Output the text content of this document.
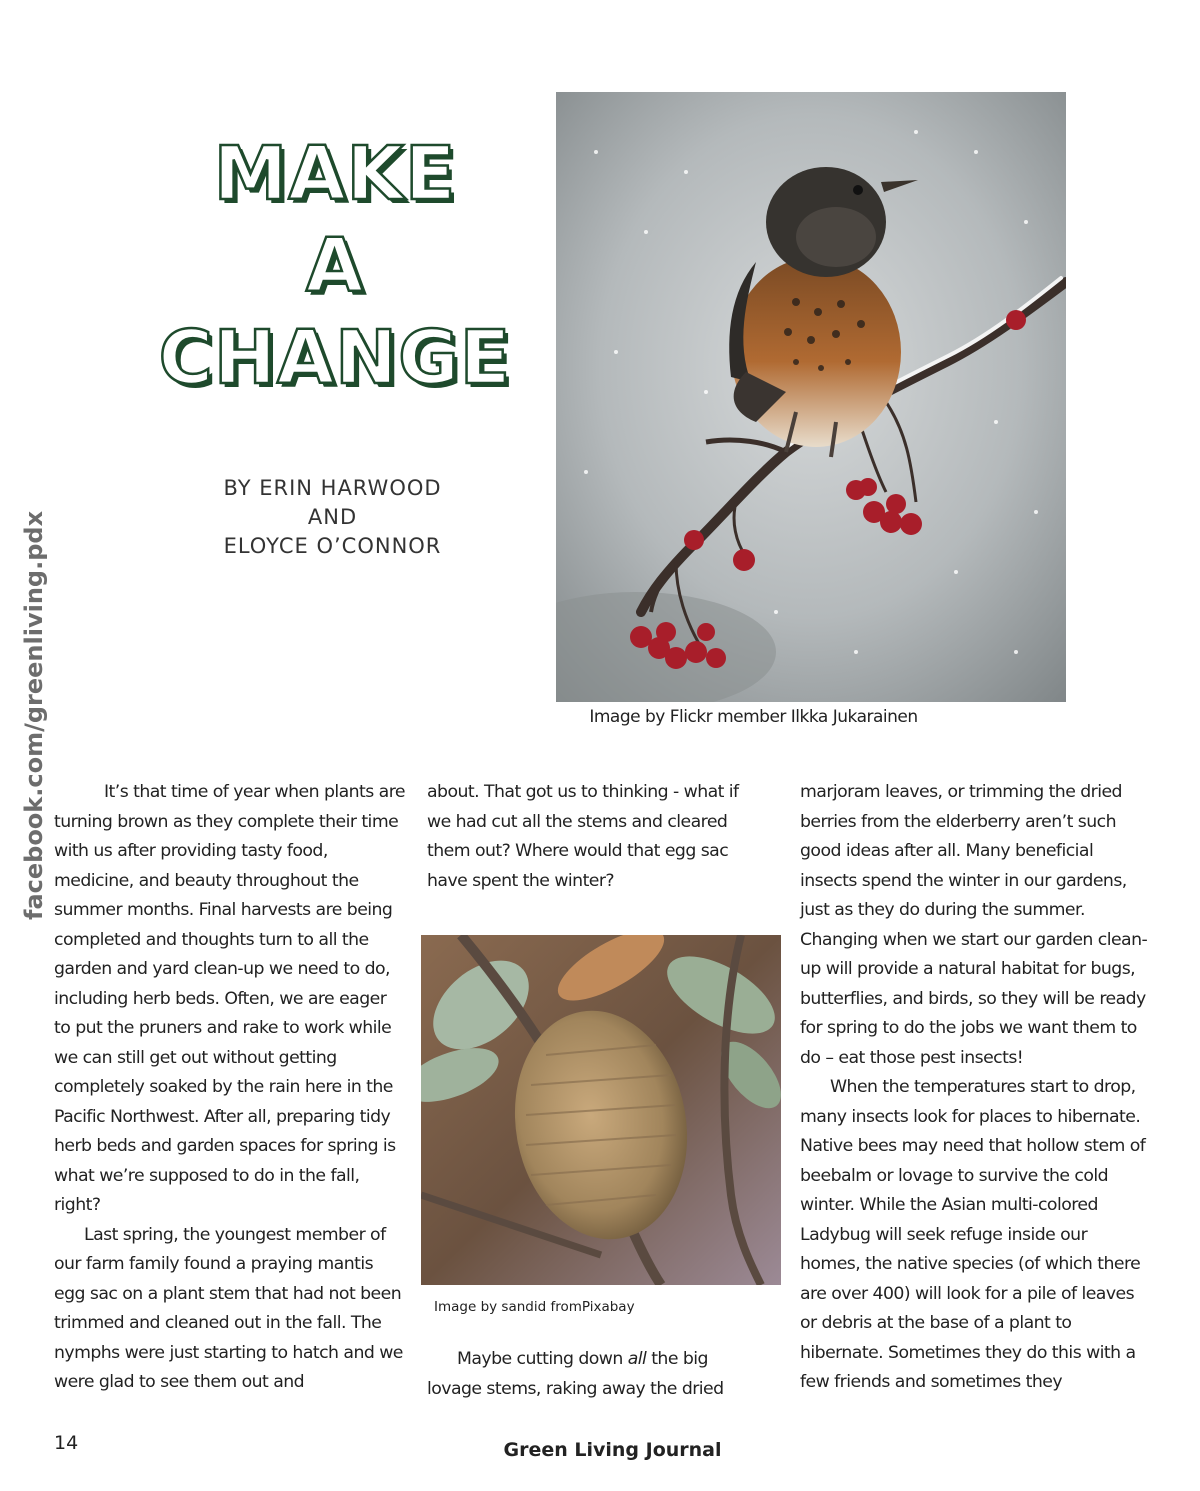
facebook.com/greenliving.pdx
MAKE
A
CHANGE
BY ERIN HARWOOD
AND
ELOYCE O’CONNOR
Image by Flickr member Ilkka Jukarainen

It’s that time of year when plants are turning brown as they complete their time with us after providing tasty food, medicine, and beauty throughout the summer months. Final harvests are being completed and thoughts turn to all the garden and yard clean-up we need to do, including herb beds. Often, we are eager to put the pruners and rake to work while we can still get out without getting completely soaked by the rain here in the Pacific Northwest. After all, preparing tidy herb beds and garden spaces for spring is what we’re supposed to do in the fall, right?

Last spring, the youngest member of our farm family found a praying mantis egg sac on a plant stem that had not been trimmed and cleaned out in the fall. The nymphs were just starting to hatch and we were glad to see them out and

about. That got us to thinking - what if we had cut all the stems and cleared them out? Where would that egg sac have spent the winter?

Image by sandid fromPixabay

Maybe cutting down all the big lovage stems, raking away the dried

marjoram leaves, or trimming the dried berries from the elderberry aren’t such good ideas after all. Many beneficial insects spend the winter in our gardens, just as they do during the summer. Changing when we start our garden clean-up will provide a natural habitat for bugs, butterflies, and birds, so they will be ready for spring to do the jobs we want them to do – eat those pest insects!

When the temperatures start to drop, many insects look for places to hibernate. Native bees may need that hollow stem of beebalm or lovage to survive the cold winter. While the Asian multi-colored Ladybug will seek refuge inside our homes, the native species (of which there are over 400) will look for a pile of leaves or debris at the base of a plant to hibernate. Sometimes they do this with a few friends and sometimes they

14	Green Living Journal
